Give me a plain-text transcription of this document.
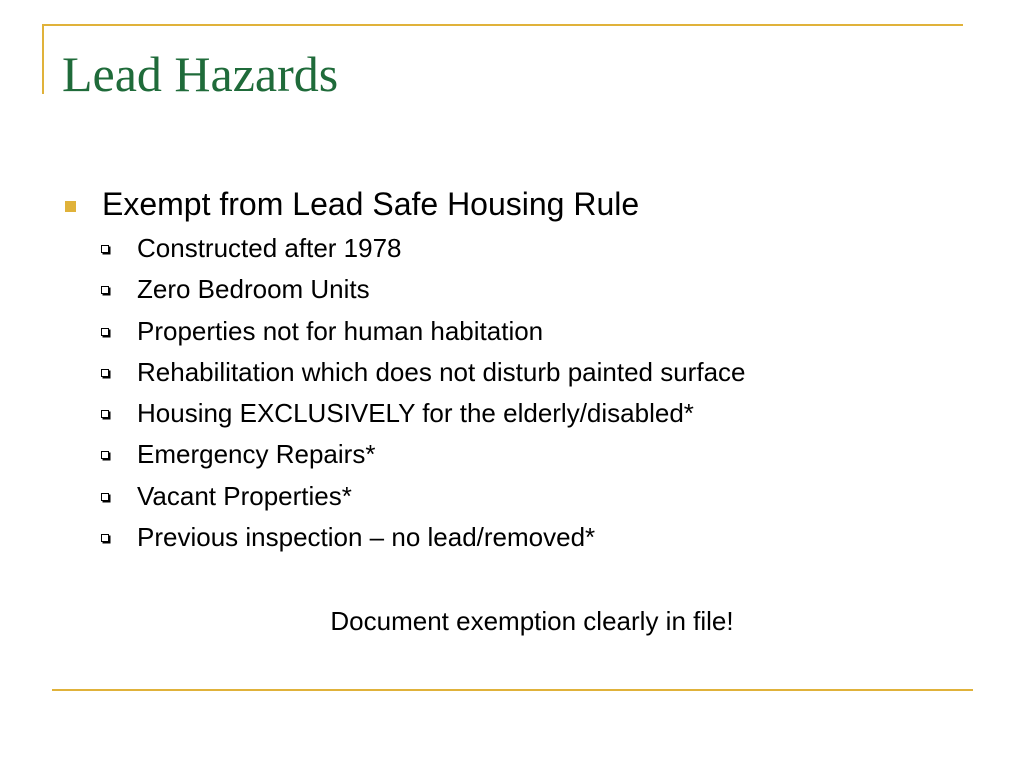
Lead Hazards
Exempt from Lead Safe Housing Rule
Constructed after 1978
Zero Bedroom Units
Properties not for human habitation
Rehabilitation which does not disturb painted surface
Housing EXCLUSIVELY for the elderly/disabled*
Emergency Repairs*
Vacant Properties*
Previous inspection – no lead/removed*
Document exemption clearly in file!
